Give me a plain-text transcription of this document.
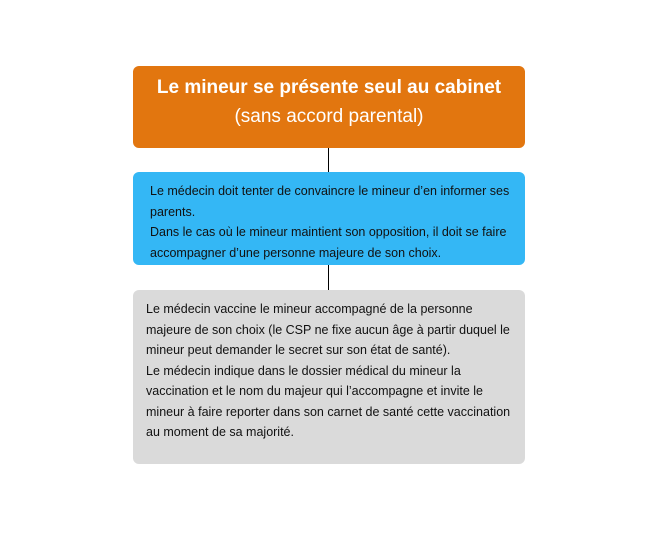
Le mineur se présente seul au cabinet
(sans accord parental)
Le médecin doit tenter de convaincre le mineur d’en informer ses parents.
Dans le cas où le mineur maintient son opposition, il doit se faire accompagner d’une personne majeure de son choix.
Le médecin vaccine le mineur accompagné de la personne majeure de son choix (le CSP ne fixe aucun âge à partir duquel le mineur peut demander le secret sur son état de santé).
Le médecin indique dans le dossier médical du mineur la vaccination et le nom du majeur qui l’accompagne et invite le mineur à faire reporter dans son carnet de santé cette vaccination au moment de sa majorité.
